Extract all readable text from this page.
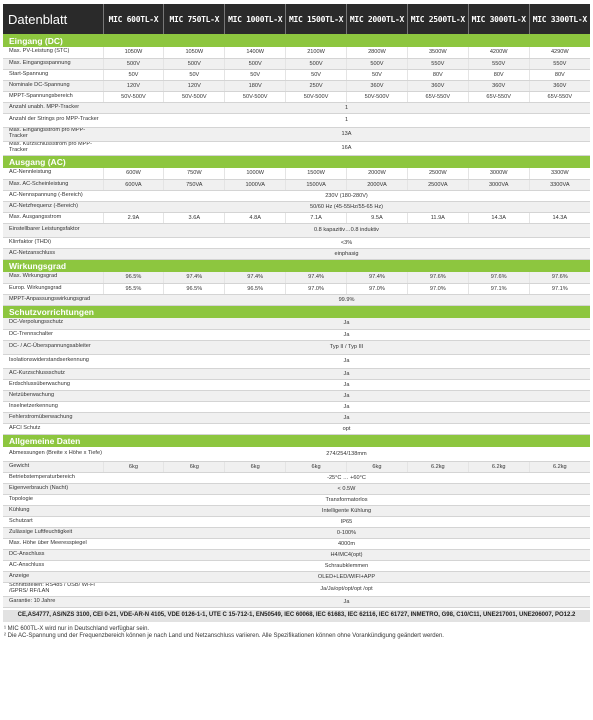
Datenblatt	MIC 600TL-X	MIC 750TL-X	MIC 1000TL-X	MIC 1500TL-X	MIC 2000TL-X	MIC 2500TL-X	MIC 3000TL-X	MIC 3300TL-X
Eingang (DC)								
Max. PV-Leistung (STC)	1050W	1050W	1400W	2100W	2800W	3500W	4200W	4290W
Max. Eingangsspannung	500V	500V	500V	500V	500V	550V	550V	550V
Start-Spannung	50V	50V	50V	50V	50V	80V	80V	80V
Nominale DC-Spannung	120V	120V	180V	250V	360V	360V	360V	360V
MPPT-Spannungsbereich	50V-500V	50V-500V	50V-500V	50V-500V	50V-500V	65V-550V	65V-550V	65V-550V
Anzahl unabh. MPP-Tracker	1							
Anzahl der Strings pro MPP-Tracker	1							
Max. Eingangsstrom pro MPP-Tracker	13A							
Max. Kurzschlussstrom pro MPP-Tracker	16A							
Ausgang (AC)								
AC-Nennleistung	600W	750W	1000W	1500W	2000W	2500W	3000W	3300W
Max. AC-Scheinleistung	600VA	750VA	1000VA	1500VA	2000VA	2500VA	3000VA	3300VA
AC-Nennspannung (-Bereich)	230V (180-280V)							
AC-Netzfrequenz (-Bereich)	50/60 Hz (45-55Hz/55-65 Hz)							
Max. Ausgangsstrom	2.9A	3.6A	4.8A	7.1A	9.5A	11.9A	14.3A	14.3A
Einstellbarer Leistungsfaktor	0.8 kapazitiv…0.8 induktiv							
Klirrfaktor (THDi)	<3%							
AC-Netzanschluss	einphasig							
Wirkungsgrad								
Max. Wirkungsgrad	96.5%	97.4%	97.4%	97.4%	97.4%	97.6%	97.6%	97.6%
Europ. Wirkungsgrad	95.5%	96.5%	96.5%	97.0%	97.0%	97.0%	97.1%	97.1%
MPPT-Anpassungswirkungsgrad	99.9%							
Schutzvorrichtungen								
DC-Verpolungsschutz	Ja							
DC-Trennschalter	Ja							
DC- / AC-Überspannungsableiter	Typ II / Typ III							
Isolationswiderstandserkennung	Ja							
AC-Kurzschlussschutz	Ja							
Erdschlussüberwachung	Ja							
Netzüberwachung	Ja							
Inselnetzerkennung	Ja							
Fehlerstromüberwachung	Ja							
AFCI Schutz	opt							
Allgemeine Daten								
Abmessungen (Breite x Höhe x Tiefe)	274/254/138mm							
Gewicht	6kg	6kg	6kg	6kg	6kg	6.2kg	6.2kg	6.2kg
Betriebstemperaturbereich	-25°C … +60°C							
Eigenverbrauch (Nacht)	< 0.5W							
Topologie	Transformatorlos							
Kühlung	Intelligente Kühlung							
Schutzart	IP65							
Zulässige Luftfeuchtigkeit	0-100%							
Max. Höhe über Meeresspiegel	4000m							
DC-Anschluss	H4/MC4(opt)							
AC-Anschluss	Schraubklemmen							
Anzeige	OLED+LED/WIFI+APP							
Schnittstellen: RS485 / USB/ Wi-Fi /GPRS/ RF/LAN	Ja/Ja/opt/opt/opt /opt							
Garantie: 10 Jahre	Ja							
CE,AS4777, AS/NZS 3100, CEI 0-21, VDE-AR-N 4105, VDE 0126-1-1, UTE C 15-712-1, EN50549, IEC 60068, IEC 61683, IEC 62116, IEC 61727, INMETRO, G98, C10/C11, UNE217001, UNE206007, PO12.2
¹ MIC 600TL-X wird nur in Deutschland verfügbar sein.
² Die AC-Spannung und der Frequenzbereich können je nach Land und Netzanschluss variieren. Alle Spezifikationen können ohne Vorankündigung geändert werden.
